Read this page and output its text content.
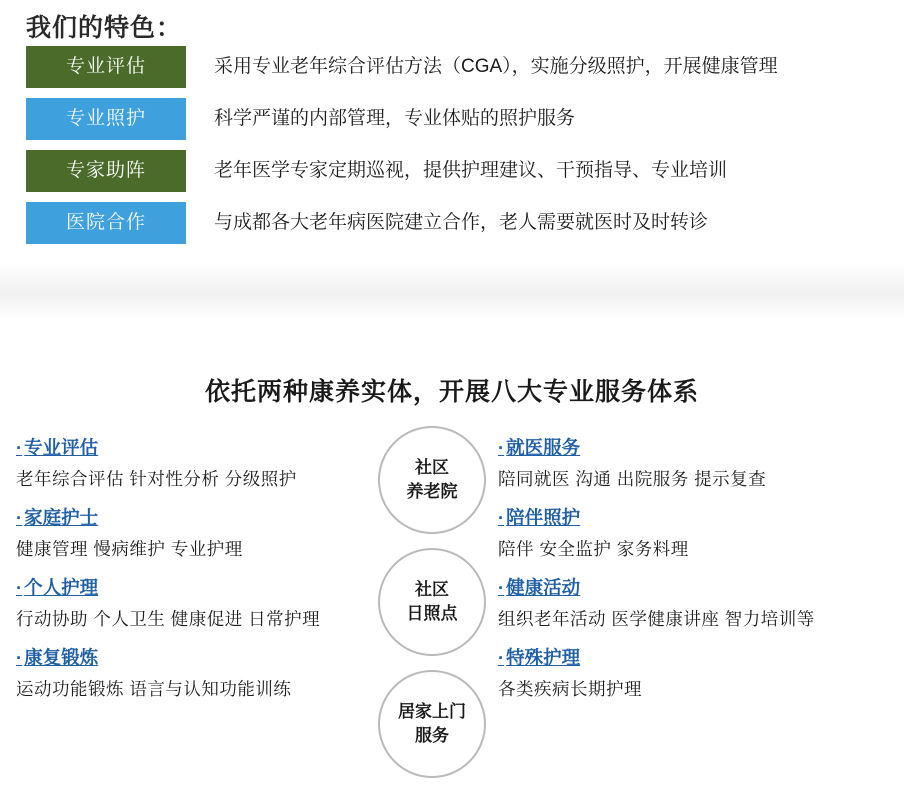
我们的特色：
专业评估	采用专业老年综合评估方法（CGA），实施分级照护，开展健康管理
专业照护	科学严谨的内部管理，专业体贴的照护服务
专家助阵	老年医学专家定期巡视，提供护理建议、干预指导、专业培训
医院合作	与成都各大老年病医院建立合作，老人需要就医时及时转诊
依托两种康养实体，开展八大专业服务体系
· 专业评估
老年综合评估 针对性分析 分级照护
· 家庭护士
健康管理 慢病维护 专业护理
· 个人护理
行动协助 个人卫生 健康促进 日常护理
· 康复锻炼
运动功能锻炼 语言与认知功能训练
社区
养老院
社区
日照点
居家上门
服务
· 就医服务
陪同就医 沟通 出院服务 提示复查
· 陪伴照护
陪伴 安全监护 家务料理
· 健康活动
组织老年活动 医学健康讲座 智力培训等
· 特殊护理
各类疾病长期护理
